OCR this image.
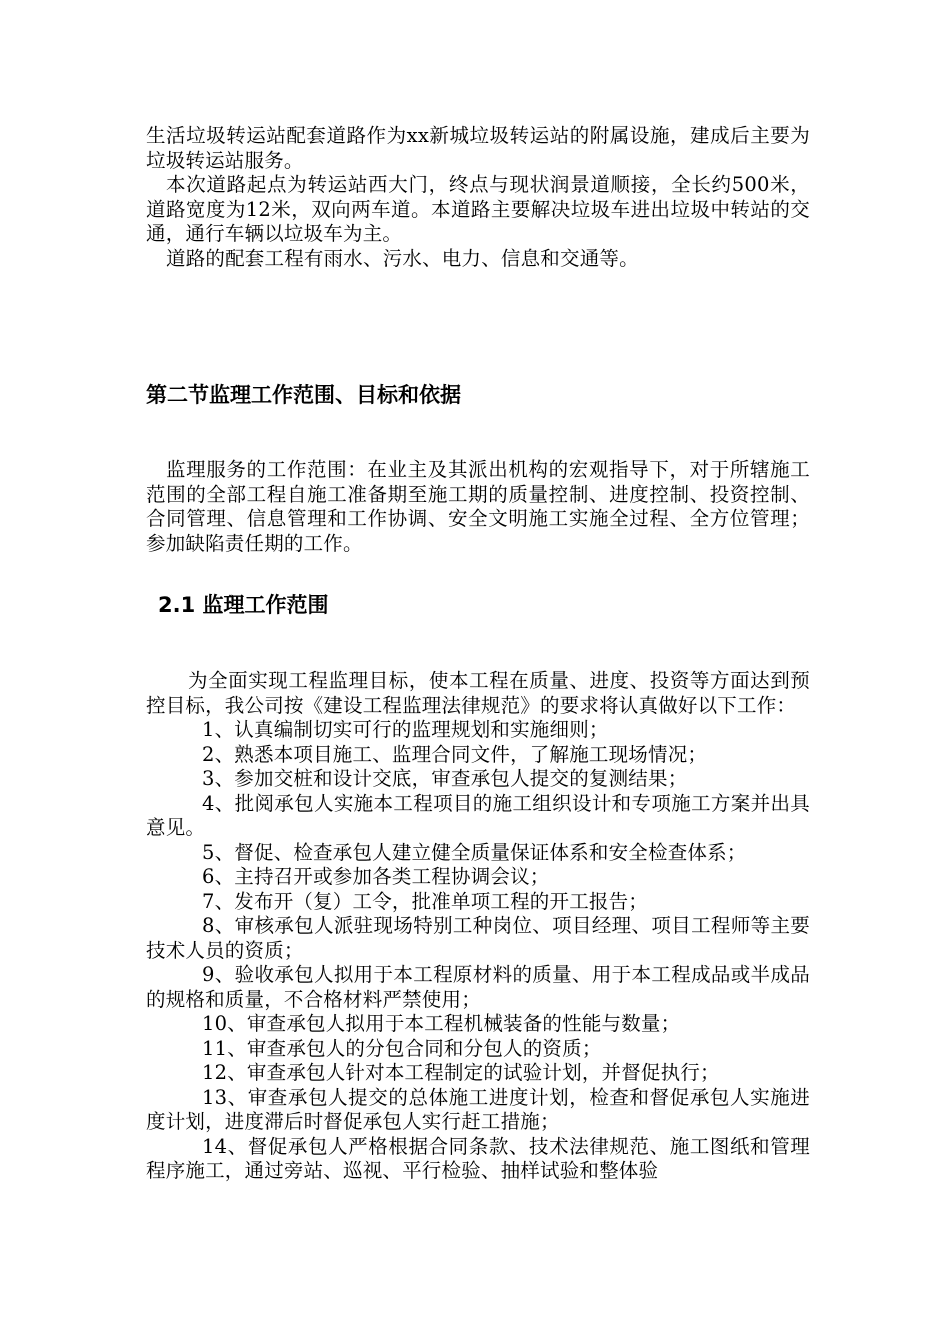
生活垃圾转运站配套道路作为xx新城垃圾转运站的附属设施，建成后主要为垃圾转运站服务。

本次道路起点为转运站西大门，终点与现状润景道顺接，全长约500米，道路宽度为12米，双向两车道。本道路主要解决垃圾车进出垃圾中转站的交通，通行车辆以垃圾车为主。

道路的配套工程有雨水、污水、电力、信息和交通等。

第二节监理工作范围、目标和依据

监理服务的工作范围：在业主及其派出机构的宏观指导下，对于所辖施工范围的全部工程自施工准备期至施工期的质量控制、进度控制、投资控制、合同管理、信息管理和工作协调、安全文明施工实施全过程、全方位管理；参加缺陷责任期的工作。

2.1 监理工作范围

为全面实现工程监理目标，使本工程在质量、进度、投资等方面达到预控目标，我公司按《建设工程监理法律规范》的要求将认真做好以下工作：

1、认真编制切实可行的监理规划和实施细则；

2、熟悉本项目施工、监理合同文件，了解施工现场情况；

3、参加交桩和设计交底，审查承包人提交的复测结果；

4、批阅承包人实施本工程项目的施工组织设计和专项施工方案并出具意见。

5、督促、检查承包人建立健全质量保证体系和安全检查体系；

6、主持召开或参加各类工程协调会议；

7、发布开（复）工令，批准单项工程的开工报告；

8、审核承包人派驻现场特别工种岗位、项目经理、项目工程师等主要技术人员的资质；

9、验收承包人拟用于本工程原材料的质量、用于本工程成品或半成品的规格和质量，不合格材料严禁使用；

10、审查承包人拟用于本工程机械装备的性能与数量；

11、审查承包人的分包合同和分包人的资质；

12、审查承包人针对本工程制定的试验计划，并督促执行；

13、审查承包人提交的总体施工进度计划，检查和督促承包人实施进度计划，进度滞后时督促承包人实行赶工措施；

14、督促承包人严格根据合同条款、技术法律规范、施工图纸和管理程序施工，通过旁站、巡视、平行检验、抽样试验和整体验
